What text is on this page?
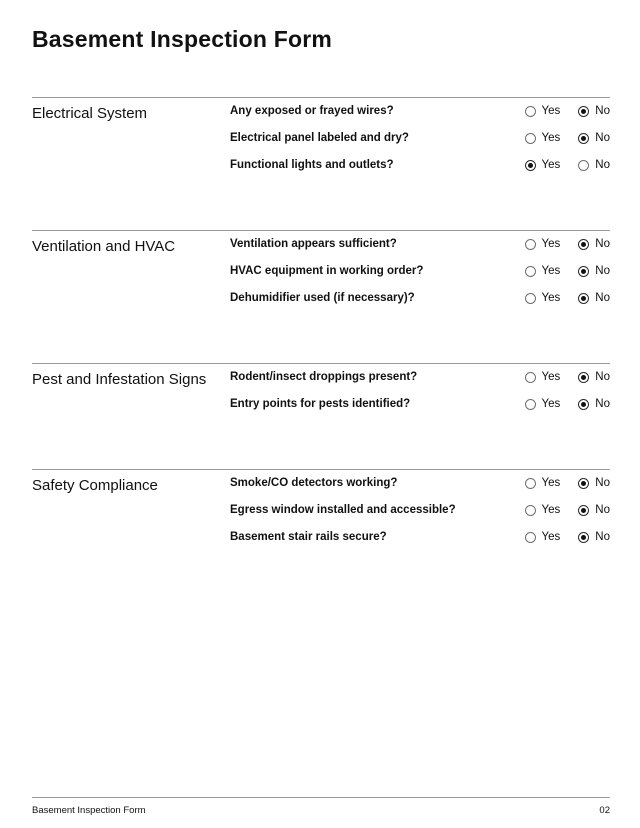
Basement Inspection Form
Electrical System	Any exposed or frayed wires?	Yes	No
Electrical panel labeled and dry?	Yes	No
Functional lights and outlets?	Yes	No
Ventilation and HVAC	Ventilation appears sufficient?	Yes	No
HVAC equipment in working order?	Yes	No
Dehumidifier used (if necessary)?	Yes	No
Pest and Infestation Signs	Rodent/insect droppings present?	Yes	No
Entry points for pests identified?	Yes	No
Safety Compliance	Smoke/CO detectors working?	Yes	No
Egress window installed and accessible?	Yes	No
Basement stair rails secure?	Yes	No
Basement Inspection Form	02
